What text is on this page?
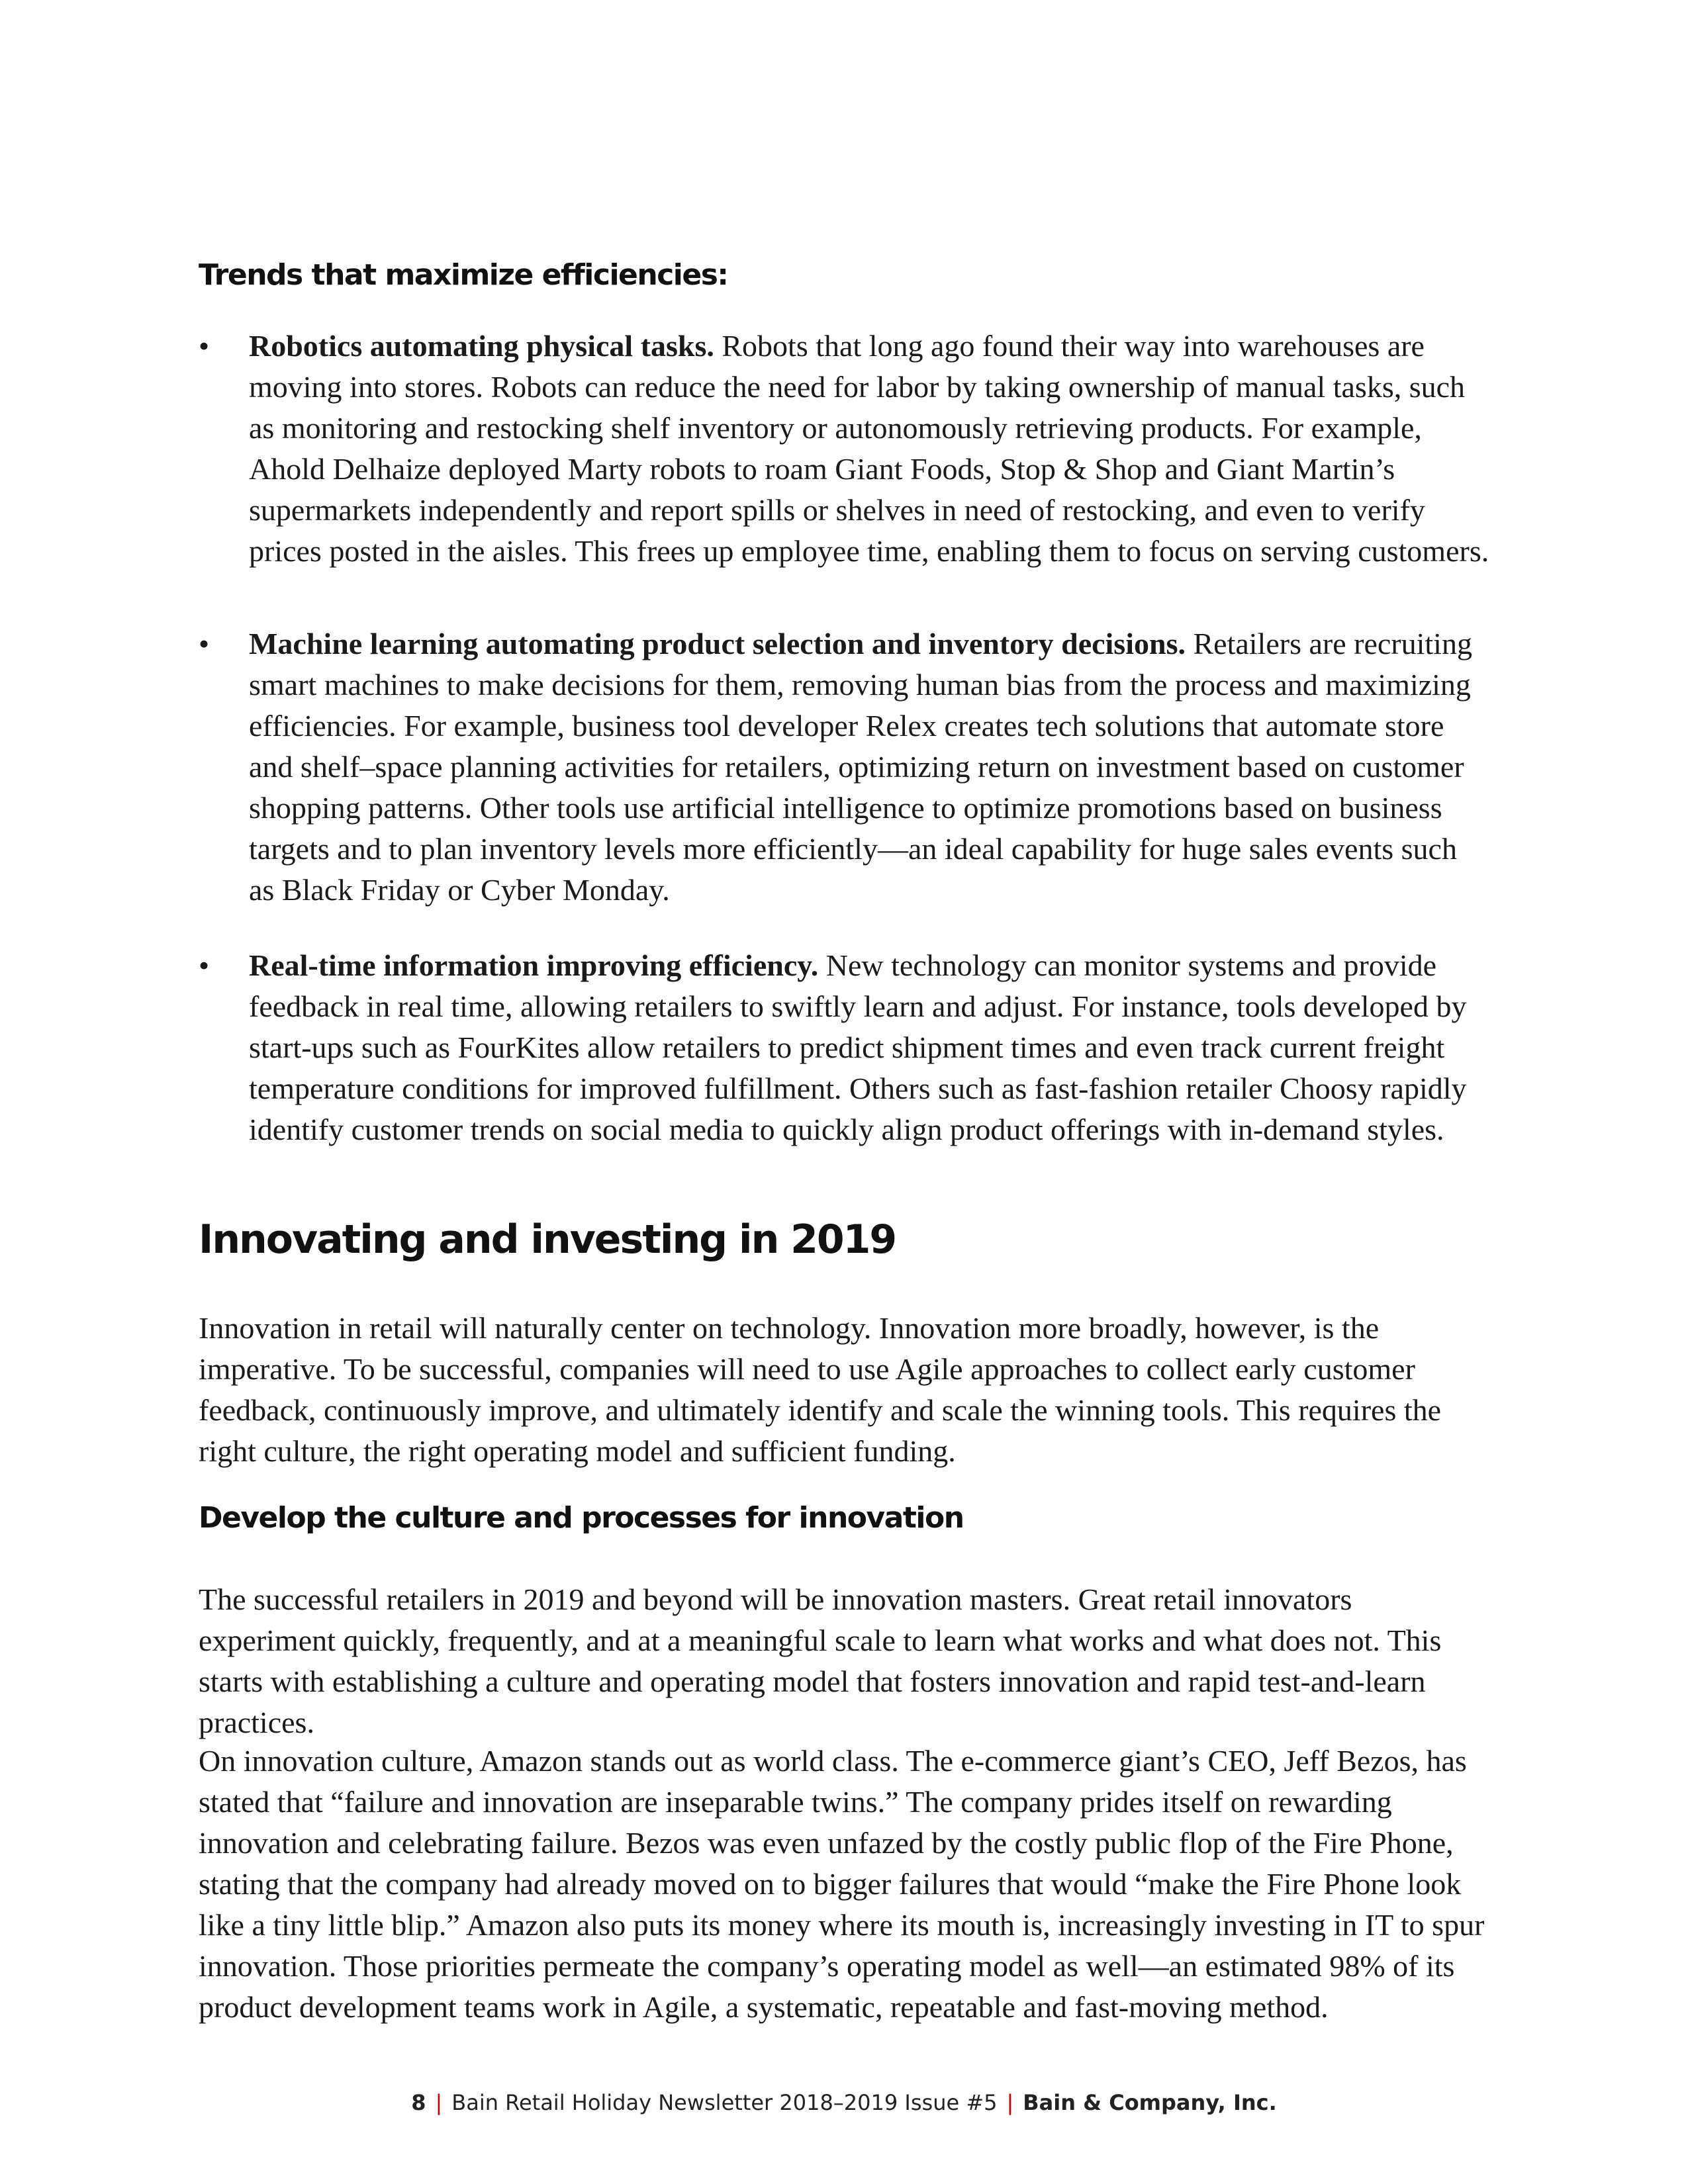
Trends that maximize efficiencies:
• Robotics automating physical tasks. Robots that long ago found their way into warehouses are moving into stores. Robots can reduce the need for labor by taking ownership of manual tasks, such as monitoring and restocking shelf inventory or autonomously retrieving products. For example, Ahold Delhaize deployed Marty robots to roam Giant Foods, Stop & Shop and Giant Martin’s supermarkets independently and report spills or shelves in need of restocking, and even to verify prices posted in the aisles. This frees up employee time, enabling them to focus on serving customers.

• Machine learning automating product selection and inventory decisions. Retailers are recruiting smart machines to make decisions for them, removing human bias from the process and maximizing efficiencies. For example, business tool developer Relex creates tech solutions that automate store and shelf–space planning activities for retailers, optimizing return on investment based on customer shopping patterns. Other tools use artificial intelligence to optimize promotions based on business targets and to plan inventory levels more efficiently—an ideal capability for huge sales events such as Black Friday or Cyber Monday.

• Real-time information improving efficiency. New technology can monitor systems and provide feedback in real time, allowing retailers to swiftly learn and adjust. For instance, tools developed by start-ups such as FourKites allow retailers to predict shipment times and even track current freight temperature conditions for improved fulfillment. Others such as fast-fashion retailer Choosy rapidly identify customer trends on social media to quickly align product offerings with in-demand styles.

Innovating and investing in 2019

Innovation in retail will naturally center on technology. Innovation more broadly, however, is the imperative. To be successful, companies will need to use Agile approaches to collect early customer feedback, continuously improve, and ultimately identify and scale the winning tools. This requires the right culture, the right operating model and sufficient funding.

Develop the culture and processes for innovation

The successful retailers in 2019 and beyond will be innovation masters. Great retail innovators experiment quickly, frequently, and at a meaningful scale to learn what works and what does not. This starts with establishing a culture and operating model that fosters innovation and rapid test-and-learn practices.

On innovation culture, Amazon stands out as world class. The e-commerce giant’s CEO, Jeff Bezos, has stated that “failure and innovation are inseparable twins.” The company prides itself on rewarding innovation and celebrating failure. Bezos was even unfazed by the costly public flop of the Fire Phone, stating that the company had already moved on to bigger failures that would “make the Fire Phone look like a tiny little blip.” Amazon also puts its money where its mouth is, increasingly investing in IT to spur innovation. Those priorities permeate the company’s operating model as well—an estimated 98% of its product development teams work in Agile, a systematic, repeatable and fast-moving method.

8 | Bain Retail Holiday Newsletter 2018–2019 Issue #5 | Bain & Company, Inc.
